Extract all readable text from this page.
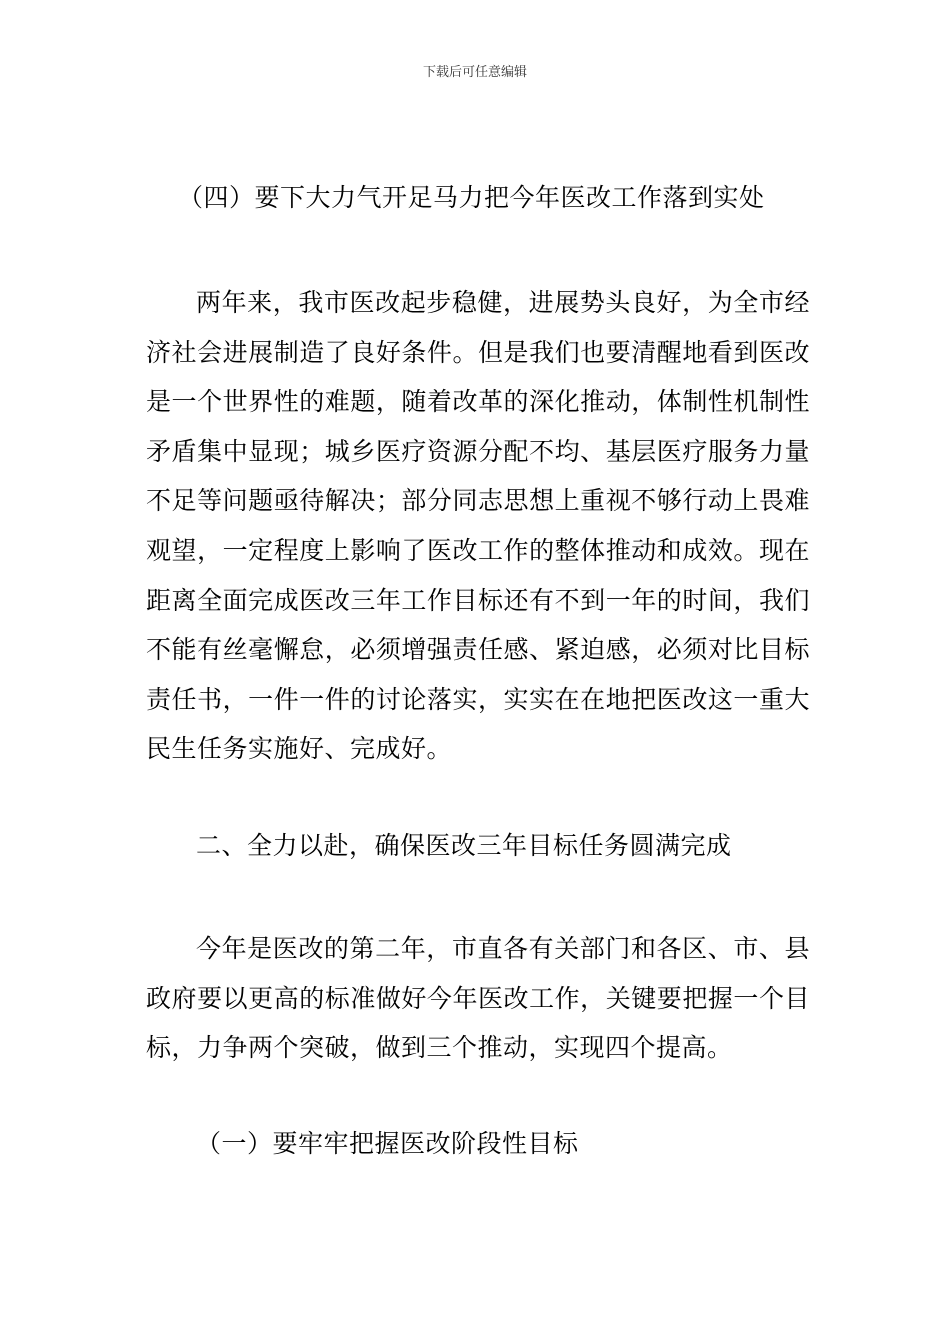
下载后可任意编辑
（四）要下大力气开足马力把今年医改工作落到实处
两年来，我市医改起步稳健，进展势头良好，为全市经济社会进展制造了良好条件。但是我们也要清醒地看到医改是一个世界性的难题，随着改革的深化推动，体制性机制性矛盾集中显现；城乡医疗资源分配不均、基层医疗服务力量不足等问题亟待解决；部分同志思想上重视不够行动上畏难观望，一定程度上影响了医改工作的整体推动和成效。现在距离全面完成医改三年工作目标还有不到一年的时间，我们不能有丝毫懈怠，必须增强责任感、紧迫感，必须对比目标责任书，一件一件的讨论落实，实实在在地把医改这一重大民生任务实施好、完成好。
二、全力以赴，确保医改三年目标任务圆满完成
今年是医改的第二年，市直各有关部门和各区、市、县政府要以更高的标准做好今年医改工作，关键要把握一个目标，力争两个突破，做到三个推动，实现四个提高。
（一）要牢牢把握医改阶段性目标
